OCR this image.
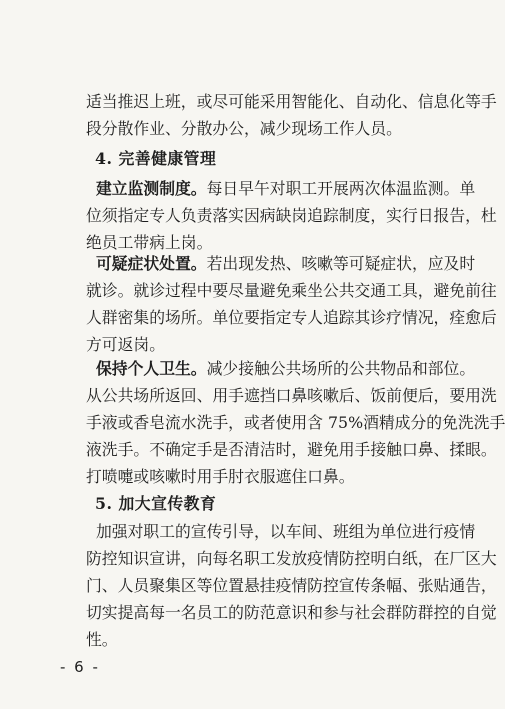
适当推迟上班，或尽可能采用智能化、自动化、信息化等手
段分散作业、分散办公，减少现场工作人员。
4. 完善健康管理
建立监测制度。每日早午对职工开展两次体温监测。单
位须指定专人负责落实因病缺岗追踪制度，实行日报告，杜
绝员工带病上岗。
可疑症状处置。若出现发热、咳嗽等可疑症状，应及时
就诊。就诊过程中要尽量避免乘坐公共交通工具，避免前往
人群密集的场所。单位要指定专人追踪其诊疗情况，痊愈后
方可返岗。
保持个人卫生。减少接触公共场所的公共物品和部位。
从公共场所返回、用手遮挡口鼻咳嗽后、饭前便后，要用洗
手液或香皂流水洗手，或者使用含 75%酒精成分的免洗洗手
液洗手。不确定手是否清洁时，避免用手接触口鼻、揉眼。
打喷嚏或咳嗽时用手肘衣服遮住口鼻。
5. 加大宣传教育
加强对职工的宣传引导，以车间、班组为单位进行疫情
防控知识宣讲，向每名职工发放疫情防控明白纸，在厂区大
门、人员聚集区等位置悬挂疫情防控宣传条幅、张贴通告，
切实提高每一名员工的防范意识和参与社会群防群控的自觉
性。
- 6 -
